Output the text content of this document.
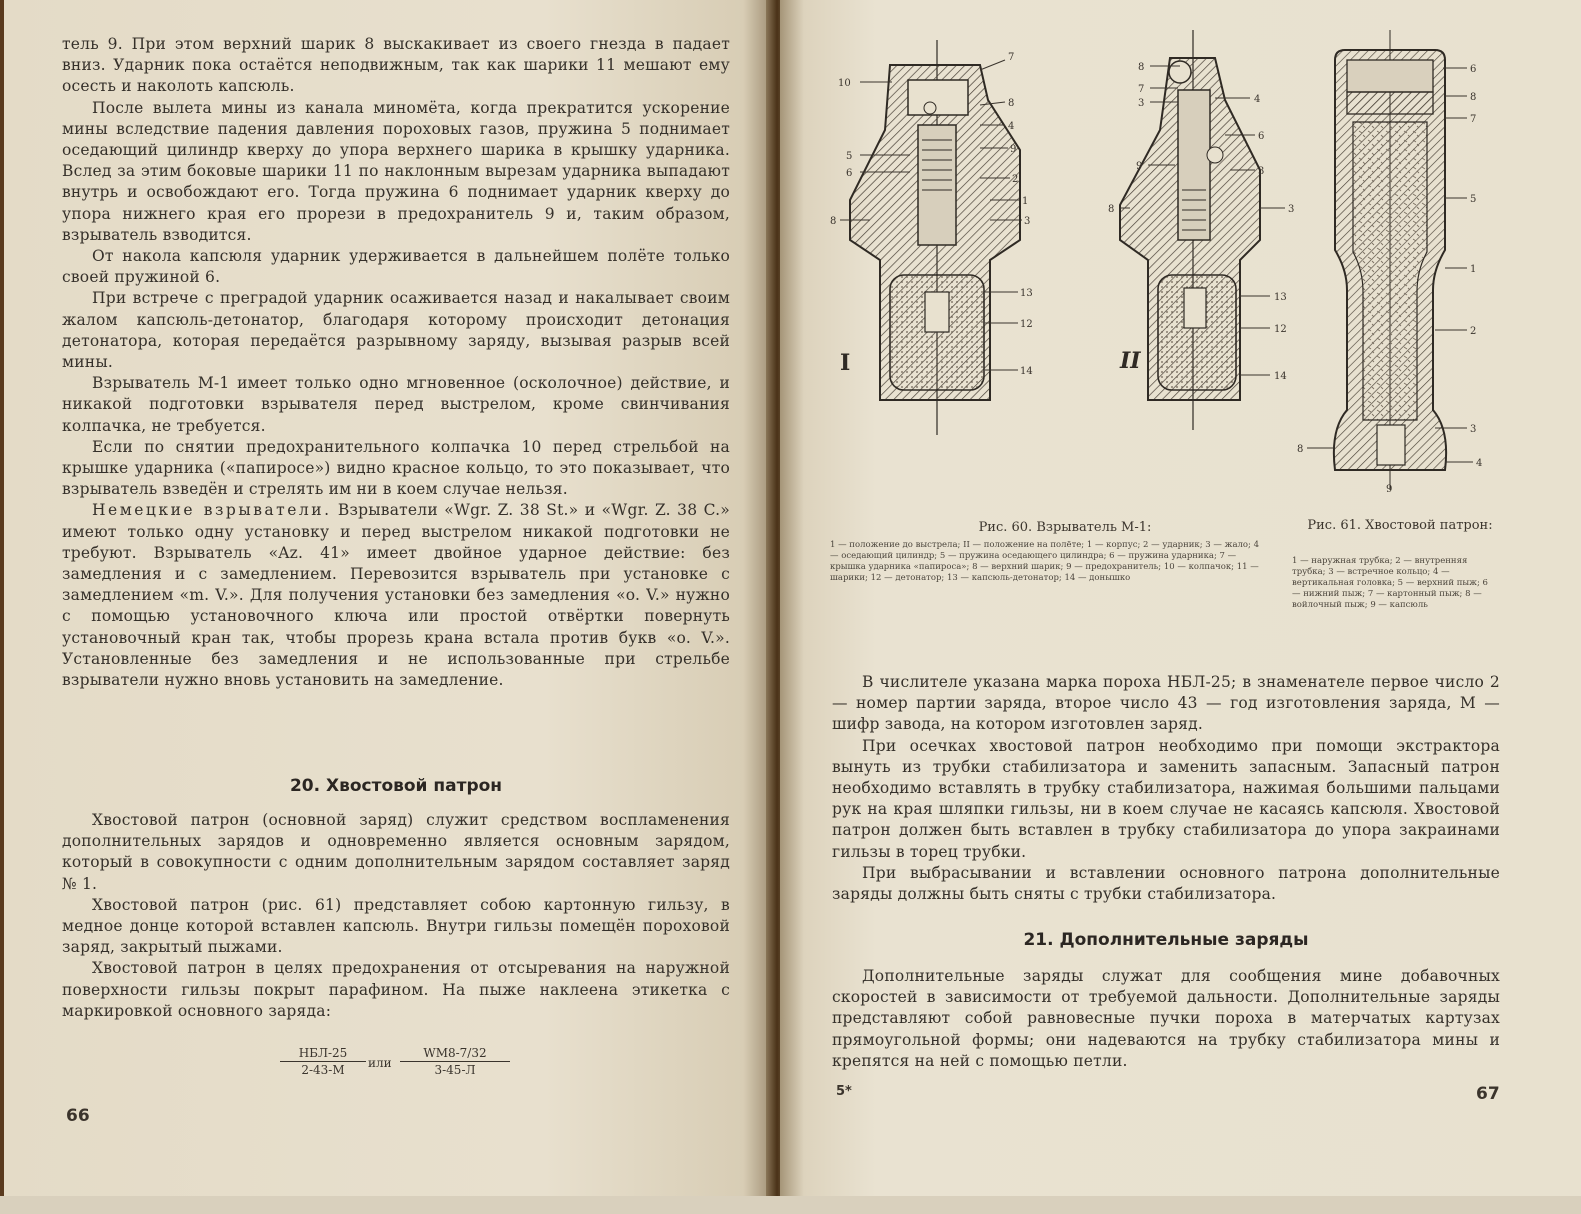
тель 9. При этом верхний шарик 8 выскакивает из своего гнезда в падает вниз. Ударник пока остаётся неподвижным, так как шарики 11 мешают ему осесть и наколоть капсюль.

После вылета мины из канала миномёта, когда прекратится ускорение мины вследствие падения давления пороховых газов, пружина 5 поднимает оседающий цилиндр кверху до упора верхнего шарика в крышку ударника. Вслед за этим боковые шарики 11 по наклонным вырезам ударника выпадают внутрь и освобождают его. Тогда пружина 6 поднимает ударник кверху до упора нижнего края его прорези в предохранитель 9 и, таким образом, взрыватель взводится.

От накола капсюля ударник удерживается в дальнейшем полёте только своей пружиной 6.

При встрече с преградой ударник осаживается назад и накалывает своим жалом капсюль-детонатор, благодаря которому происходит детонация детонатора, которая передаётся разрывному заряду, вызывая разрыв всей мины.

Взрыватель М-1 имеет только одно мгновенное (осколочное) действие, и никакой подготовки взрывателя перед выстрелом, кроме свинчивания колпачка, не требуется.

Если по снятии предохранительного колпачка 10 перед стрельбой на крышке ударника («папиросе») видно красное кольцо, то это показывает, что взрыватель взведён и стрелять им ни в коем случае нельзя.

Немецкие взрыватели. Взрыватели «Wgr. Z. 38 St.» и «Wgr. Z. 38 C.» имеют только одну установку и перед выстрелом никакой подготовки не требуют. Взрыватель «Az. 41» имеет двойное ударное действие: без замедления и с замедлением. Перевозится взрыватель при установке с замедлением «m. V.». Для получения установки без замедления «o. V.» нужно с помощью установочного ключа или простой отвёртки повернуть установочный кран так, чтобы прорезь крана встала против букв «o. V.». Установленные без замедления и не использованные при стрельбе взрыватели нужно вновь установить на замедление.

20. Хвостовой патрон

Хвостовой патрон (основной заряд) служит средством воспламенения дополнительных зарядов и одновременно является основным зарядом, который в совокупности с одним дополнительным зарядом составляет заряд № 1.

Хвостовой патрон (рис. 61) представляет собою картонную гильзу, в медное донце которой вставлен капсюль. Внутри гильзы помещён пороховой заряд, закрытый пыжами.

Хвостовой патрон в целях предохранения от отсыревания на наружной поверхности гильзы покрыт парафином. На пыже наклеена этикетка с маркировкой основного заряда:

НБЛ-25
2-43-М	или
WM8-7/32
3-45-Л
66
7
10
8
4
9
5
6
2
1
3
8
13
12
14
I
8
7
3	4
6
9	3
8	3
13
12
14
II
6
8
7
5
1
2
3
4
8
9
Рис. 60. Взрыватель М-1:
1 — положение до выстрела; II — положение на полёте; 1 — корпус; 2 — ударник; 3 — жало; 4 — оседающий цилиндр; 5 — пружина оседающего цилиндра; 6 — пружина ударника; 7 — крышка ударника «папироса»; 8 — верхний шарик; 9 — предохранитель; 10 — колпачок; 11 — шарики; 12 — детонатор; 13 — капсюль-детонатор; 14 — донышко
Рис. 61. Хвостовой патрон:
1 — наружная трубка; 2 — внутренняя трубка; 3 — встречное кольцо; 4 — вертикальная головка; 5 — верхний пыж; 6 — нижний пыж; 7 — картонный пыж; 8 — войлочный пыж; 9 — капсюль

В числителе указана марка пороха НБЛ-25; в знаменателе первое число 2 — номер партии заряда, второе число 43 — год изготовления заряда, М — шифр завода, на котором изготовлен заряд.

При осечках хвостовой патрон необходимо при помощи экстрактора вынуть из трубки стабилизатора и заменить запасным. Запасный патрон необходимо вставлять в трубку стабилизатора, нажимая большими пальцами рук на края шляпки гильзы, ни в коем случае не касаясь капсюля. Хвостовой патрон должен быть вставлен в трубку стабилизатора до упора закраинами гильзы в торец трубки.

При выбрасывании и вставлении основного патрона дополнительные заряды должны быть сняты с трубки стабилизатора.

21. Дополнительные заряды

Дополнительные заряды служат для сообщения мине добавочных скоростей в зависимости от требуемой дальности. Дополнительные заряды представляют собой равновесные пучки пороха в матерчатых картузах прямоугольной формы; они надеваются на трубку стабилизатора мины и крепятся на ней с помощью петли.

5*	67
